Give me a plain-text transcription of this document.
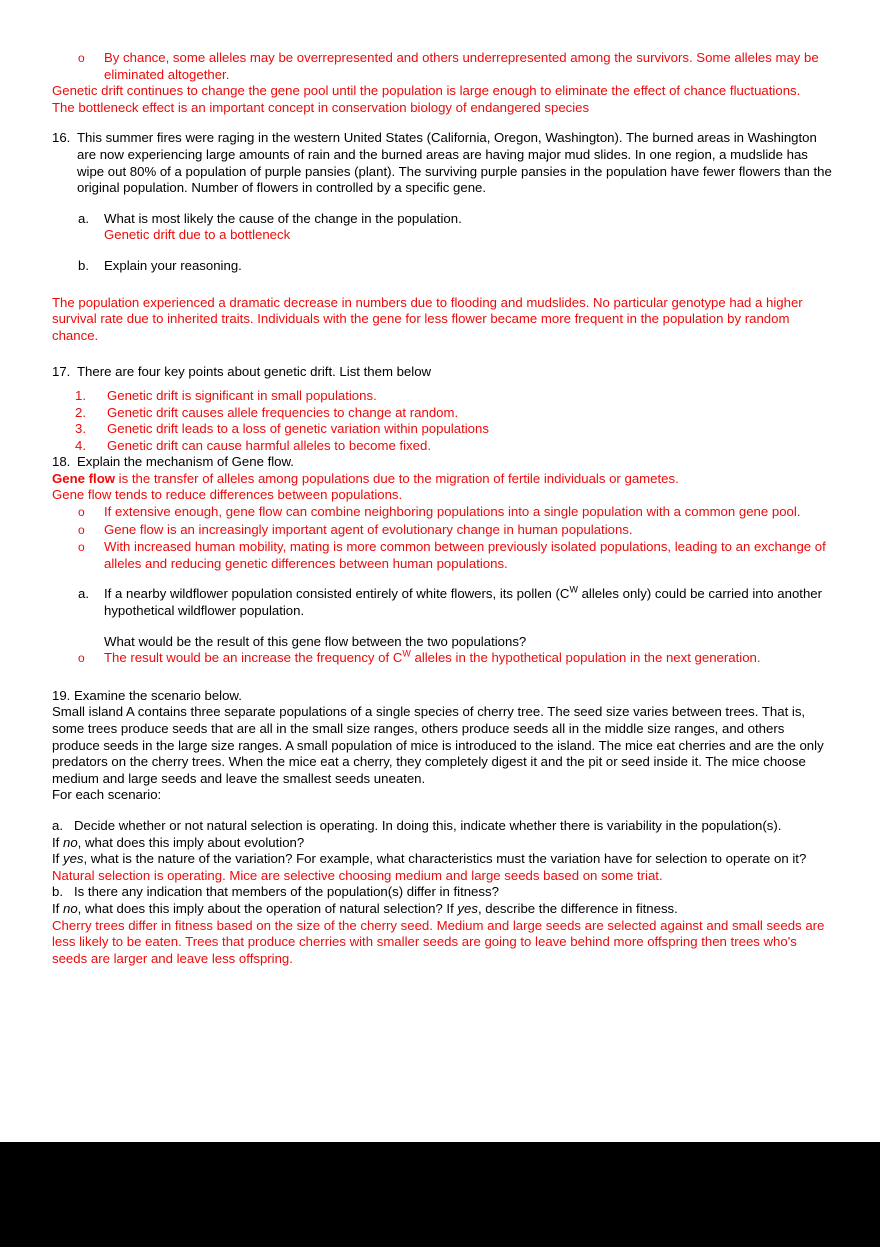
o	By chance, some alleles may be overrepresented and others underrepresented among the survivors. Some alleles may be eliminated altogether.
Genetic drift continues to change the gene pool until the population is large enough to eliminate the effect of chance fluctuations.
The bottleneck effect is an important concept in conservation biology of endangered species
16. This summer fires were raging in the western United States (California, Oregon, Washington). The burned areas in Washington are now experiencing large amounts of rain and the burned areas are having major mud slides. In one region, a mudslide has wipe out 80% of a population of purple pansies (plant). The surviving purple pansies in the population have fewer flowers than the original population. Number of flowers in controlled by a specific gene.
a.	What is most likely the cause of the change in the population.
Genetic drift due to a bottleneck
b.	Explain your reasoning.
The population experienced a dramatic decrease in numbers due to flooding and mudslides. No particular genotype had a higher survival rate due to inherited traits. Individuals with the gene for less flower became more frequent in the population by random chance.
17. There are four key points about genetic drift. List them below
1.	Genetic drift is significant in small populations.
2.	Genetic drift causes allele frequencies to change at random.
3.	Genetic drift leads to a loss of genetic variation within populations
4.	Genetic drift can cause harmful alleles to become fixed.
18. Explain the mechanism of Gene flow.
Gene flow is the transfer of alleles among populations due to the migration of fertile individuals or gametes.
Gene flow tends to reduce differences between populations.
o	If extensive enough, gene flow can combine neighboring populations into a single population with a common gene pool.
o	Gene flow is an increasingly important agent of evolutionary change in human populations.
o	With increased human mobility, mating is more common between previously isolated populations, leading to an exchange of alleles and reducing genetic differences between human populations.
a.	If a nearby wildflower population consisted entirely of white flowers, its pollen ($C^W$ alleles only) could be carried into another hypothetical wildflower population.
What would be the result of this gene flow between the two populations?
o	The result would be an increase the frequency of $C^W$ alleles in the hypothetical population in the next generation.
19. Examine the scenario below.
Small island A contains three separate populations of a single species of cherry tree. The seed size varies between trees. That is, some trees produce seeds that are all in the small size ranges, others produce seeds all in the middle size ranges, and others produce seeds in the large size ranges. A small population of mice is introduced to the island. The mice eat cherries and are the only predators on the cherry trees. When the mice eat a cherry, they completely digest it and the pit or seed inside it. The mice choose medium and large seeds and leave the smallest seeds uneaten.
For each scenario:
a. Decide whether or not natural selection is operating. In doing this, indicate whether there is variability in the population(s).
If no, what does this imply about evolution?
If yes, what is the nature of the variation? For example, what characteristics must the variation have for selection to operate on it?
Natural selection is operating. Mice are selective choosing medium and large seeds based on some triat.
b. Is there any indication that members of the population(s) differ in fitness?
If no, what does this imply about the operation of natural selection? If yes, describe the difference in fitness.
Cherry trees differ in fitness based on the size of the cherry seed. Medium and large seeds are selected against and small seeds are less likely to be eaten. Trees that produce cherries with smaller seeds are going to leave behind more offspring then trees who's seeds are larger and leave less offspring.
